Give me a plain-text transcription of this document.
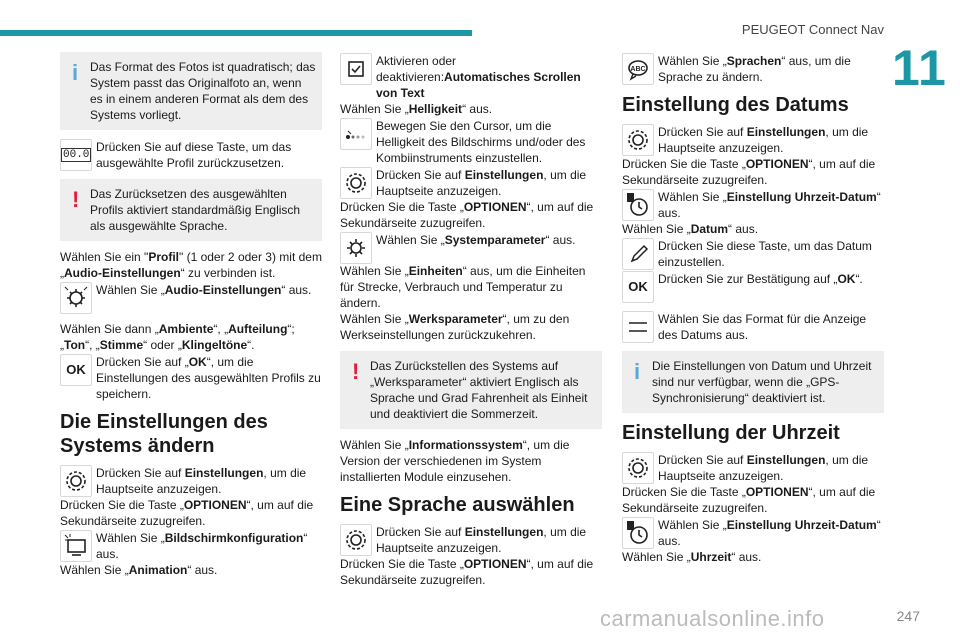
PEUGEOT Connect Nav
11
247
carmanualsonline.info
i Das Format des Fotos ist quadratisch; das System passt das Originalfoto an, wenn es in einem anderen Format als dem des Systems vorliegt.

00.0
Drücken Sie auf diese Taste, um das ausgewählte Profil zurückzusetzen.
! Das Zurücksetzen des ausgewählten Profils aktiviert standardmäßig Englisch als ausgewählte Sprache.

Wählen Sie ein "Profil" (1 oder 2 oder 3) mit dem „Audio-Einstellungen“ zu verbinden ist.

Wählen Sie „Audio-Einstellungen“ aus.

Wählen Sie dann „Ambiente“, „Aufteilung“; „Ton“, „Stimme“ oder „Klingeltöne“.

OK Drücken Sie auf „OK“, um die Einstellungen des ausgewählten Profils zu speichern.
Die Einstellungen des Systems ändern
Drücken Sie auf Einstellungen, um die Hauptseite anzuzeigen.

Drücken Sie die Taste „OPTIONEN“, um auf die Sekundärseite zuzugreifen.

Wählen Sie „Bildschirmkonfiguration“ aus.

Wählen Sie „Animation“ aus.

Aktivieren oder deaktivieren:Automatisches Scrollen von Text

Wählen Sie „Helligkeit“ aus.

Bewegen Sie den Cursor, um die Helligkeit des Bildschirms und/oder des Kombiinstruments einzustellen.
Drücken Sie auf Einstellungen, um die Hauptseite anzuzeigen.

Drücken Sie die Taste „OPTIONEN“, um auf die Sekundärseite zuzugreifen.

Wählen Sie „Systemparameter“ aus.

Wählen Sie „Einheiten“ aus, um die Einheiten für Strecke, Verbrauch und Temperatur zu ändern.

Wählen Sie „Werksparameter“, um zu den Werkseinstellungen zurückzukehren.

! Das Zurückstellen des Systems auf „Werksparameter“ aktiviert Englisch als Sprache und Grad Fahrenheit als Einheit und deaktiviert die Sommerzeit.

Wählen Sie „Informationssystem“, um die Version der verschiedenen im System installierten Module einzusehen.

Eine Sprache auswählen
Drücken Sie auf Einstellungen, um die Hauptseite anzuzeigen.

Drücken Sie die Taste „OPTIONEN“, um auf die Sekundärseite zuzugreifen.

ABC
Wählen Sie „Sprachen“ aus, um die Sprache zu ändern.
Einstellung des Datums
Drücken Sie auf Einstellungen, um die Hauptseite anzuzeigen.

Drücken Sie die Taste „OPTIONEN“, um auf die Sekundärseite zuzugreifen.

Wählen Sie „Einstellung Uhrzeit-Datum“ aus.

Wählen Sie „Datum“ aus.

Drücken Sie diese Taste, um das Datum einzustellen.
OK Drücken Sie zur Bestätigung auf „OK“.
Wählen Sie das Format für die Anzeige des Datums aus.
i Die Einstellungen von Datum und Uhrzeit sind nur verfügbar, wenn die „GPS-Synchronisierung“ deaktiviert ist.

Einstellung der Uhrzeit
Drücken Sie auf Einstellungen, um die Hauptseite anzuzeigen.

Drücken Sie die Taste „OPTIONEN“, um auf die Sekundärseite zuzugreifen.

Wählen Sie „Einstellung Uhrzeit-Datum“ aus.

Wählen Sie „Uhrzeit“ aus.
